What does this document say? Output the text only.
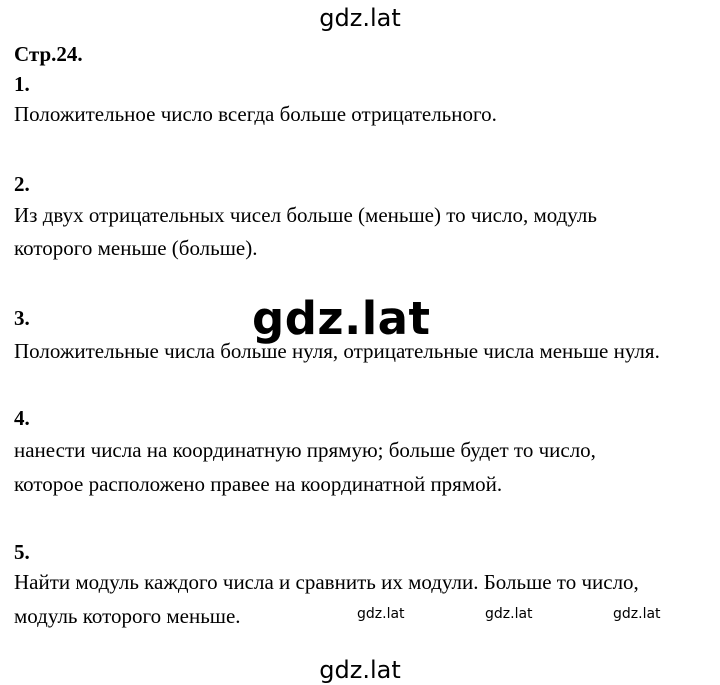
gdz.lat
Стр.24.
1.
Положительное число всегда больше отрицательного.
2.
Из двух отрицательных чисел больше (меньше) то число, модуль
которого меньше (больше).
3.
Положительные числа больше нуля, отрицательные числа меньше нуля.
4.
нанести числа на координатную прямую; больше будет то число,
которое расположено правее на координатной прямой.
5.
Найти модуль каждого числа и сравнить их модули. Больше то число,
модуль которого меньше.
gdz.lat
gdz.lat	gdz.lat	gdz.lat
gdz.lat
